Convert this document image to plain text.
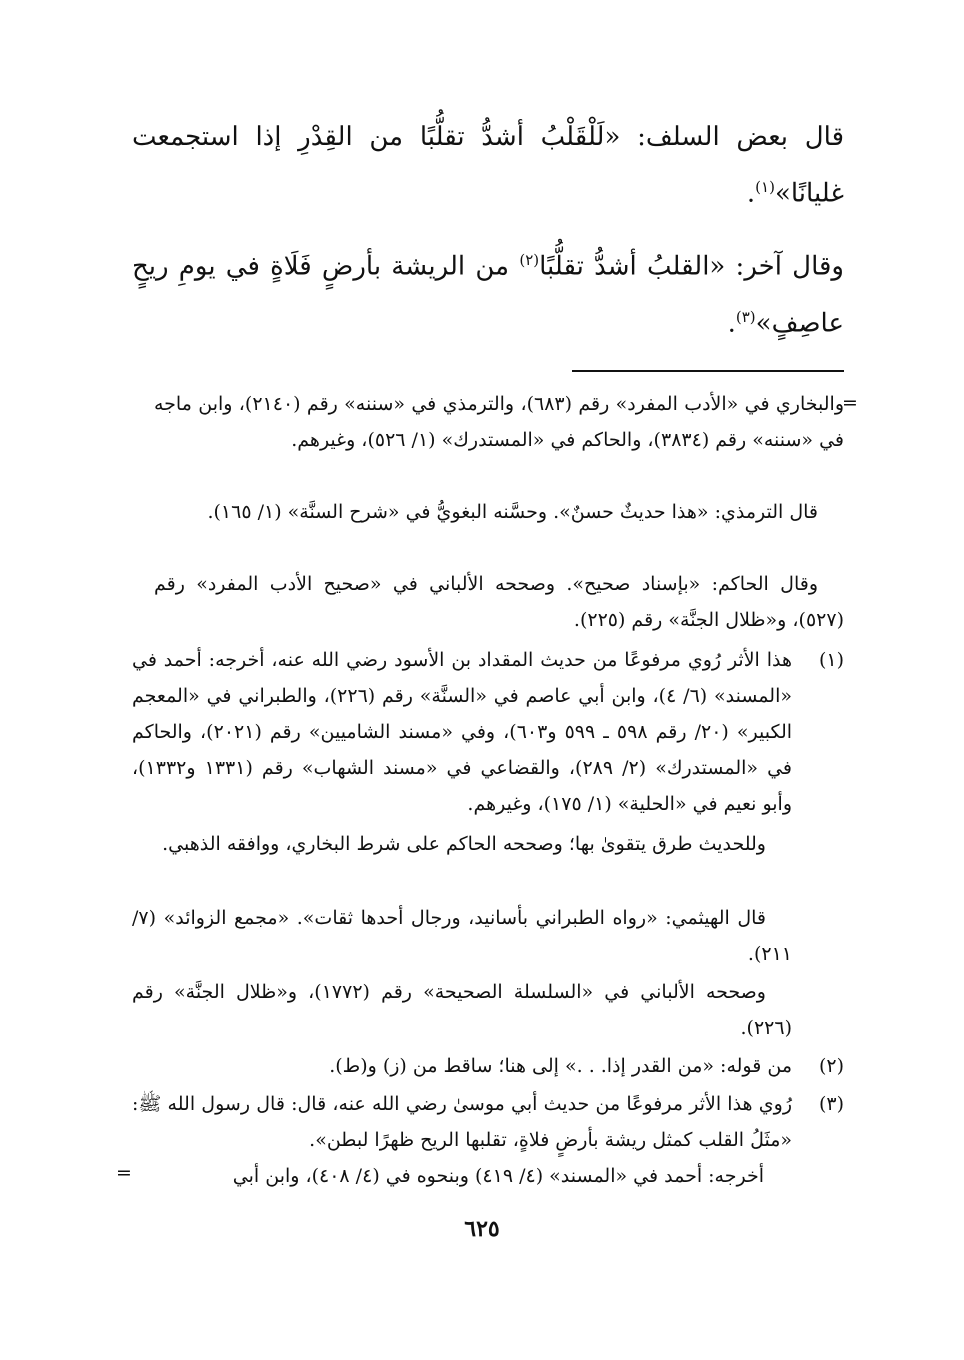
قال بعض السلف: «لَلْقَلْبُ أشدُّ تقلُّبًا من القِدْرِ إذا استجمعت غليانًا»$^{(١)}$.

وقال آخر: «القلبُ أشدُّ تقلُّبًا$^{(٢)}$ من الريشة بأرضٍ فَلَاةٍ في يومِ ريحٍ عاصِفٍ»$^{(٣)}$.

=

والبخاري في «الأدب المفرد» رقم (٦٨٣)، والترمذي في «سننه» رقم (٢١٤٠)، وابن ماجه في «سننه» رقم (٣٨٣٤)، والحاكم في «المستدرك» (١/ ٥٢٦)، وغيرهم.

قال الترمذي: «هذا حديثٌ حسنٌ». وحسَّنه البغويُّ في «شرح السنَّة» (١/ ١٦٥).

وقال الحاكم: «بإسناد صحيح». وصححه الألباني في «صحيح الأدب المفرد» رقم (٥٢٧)، و«ظلال الجنَّة» رقم (٢٢٥).

(١)

هذا الأثر رُوي مرفوعًا من حديث المقداد بن الأسود رضي الله عنه، أخرجه: أحمد في «المسند» (٦/ ٤)، وابن أبي عاصم في «السنَّة» رقم (٢٢٦)، والطبراني في «المعجم الكبير» (٢٠/ رقم ٥٩٨ ـ ٥٩٩ و٦٠٣)، وفي «مسند الشاميين» رقم (٢٠٢١)، والحاكم في «المستدرك» (٢/ ٢٨٩)، والقضاعي في «مسند الشهاب» رقم (١٣٣١ و١٣٣٢)، وأبو نعيم في «الحلية» (١/ ١٧٥)، وغيرهم.

وللحديث طرق يتقوىٰ بها؛ وصححه الحاكم على شرط البخاري، ووافقه الذهبي.

قال الهيثمي: «رواه الطبراني بأسانيد، ورجال أحدها ثقات». «مجمع الزوائد» (٧/ ٢١١).

وصححه الألباني في «السلسلة الصحيحة» رقم (١٧٧٢)، و«ظلال الجنَّة» رقم (٢٢٦).

(٢)

من قوله: «من القدر إذا. . .» إلى هنا؛ ساقط من (ز) و(ط).

(٣)

رُوي هذا الأثر مرفوعًا من حديث أبي موسىٰ رضي الله عنه، قال: قال رسول الله ﷺ: «مثَلُ القلب كمثل ريشة بأرضٍ فلاةٍ، تقلبها الريح ظهرًا لبطن».

أخرجه: أحمد في «المسند» (٤/ ٤١٩) وبنحوه في (٤/ ٤٠٨)، وابن أبي

=
٦٢٥
